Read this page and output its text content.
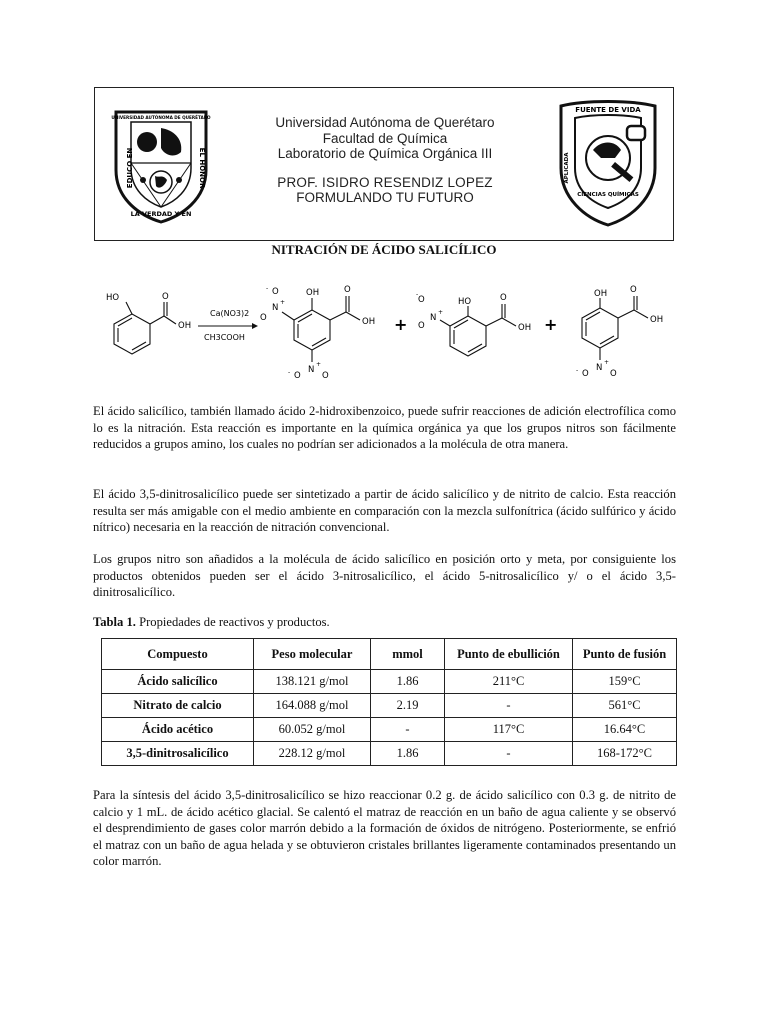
UNIVERSIDAD AUTÓNOMA DE QUERÉTARO
EDUCO EN	EL HONOR
LA VERDAD Y EN
Universidad Autónoma de Querétaro
Facultad de Química
Laboratorio de Química Orgánica III
PROF. ISIDRO RESENDIZ LOPEZ
FORMULANDO TU FUTURO
FUENTE DE VIDA
APLICADA
CIENCIAS QUÍMICAS
NITRACIÓN DE ÁCIDO SALICÍLICO
HO	O
OH
Ca(NO3)2
CH3COOH
OH	O
OH
N
+
O
O
-
N
+
O
-	O
+
HO	O
OH
N
+
O
-
O	+
OH	O
OH
N
+
O
-	O

El ácido salicílico, también llamado ácido 2-hidroxibenzoico, puede sufrir reacciones de adición electrofílica como lo es la nitración. Esta reacción es importante en la química orgánica ya que los grupos nitros son fácilmente reducidos a grupos amino, los cuales no podrían ser adicionados a la molécula de otra manera.

El ácido 3,5-dinitrosalicílico puede ser sintetizado a partir de ácido salicílico y de nitrito de calcio. Esta reacción resulta ser más amigable con el medio ambiente en comparación con la mezcla sulfonítrica (ácido sulfúrico y ácido nítrico) necesaria en la reacción de nitración convencional.

Los grupos nitro son añadidos a la molécula de ácido salicílico en posición orto y meta, por consiguiente los productos obtenidos pueden ser el ácido 3-nitrosalicílico, el ácido 5-nitrosalicílico y/ o el ácido 3,5-dinitrosalicílico.

Tabla 1. Propiedades de reactivos y productos.
Compuesto	Peso molecular	mmol	Punto de ebullición	Punto de fusión
Ácido salicílico	138.121 g/mol	1.86	211°C	159°C
Nitrato de calcio	164.088 g/mol	2.19	-	561°C
Ácido acético	60.052 g/mol	-	117°C	16.64°C
3,5-dinitrosalicílico	228.12 g/mol	1.86	-	168-172°C

Para la síntesis del ácido 3,5-dinitrosalicílico se hizo reaccionar 0.2 g. de ácido salicílico con 0.3 g. de nitrito de calcio y 1 mL. de ácido acético glacial. Se calentó el matraz de reacción en un baño de agua caliente y se observó el desprendimiento de gases color marrón debido a la formación de óxidos de nitrógeno. Posteriormente, se enfrió el matraz con un baño de agua helada y se obtuvieron cristales brillantes ligeramente contaminados presentando un color marrón.
